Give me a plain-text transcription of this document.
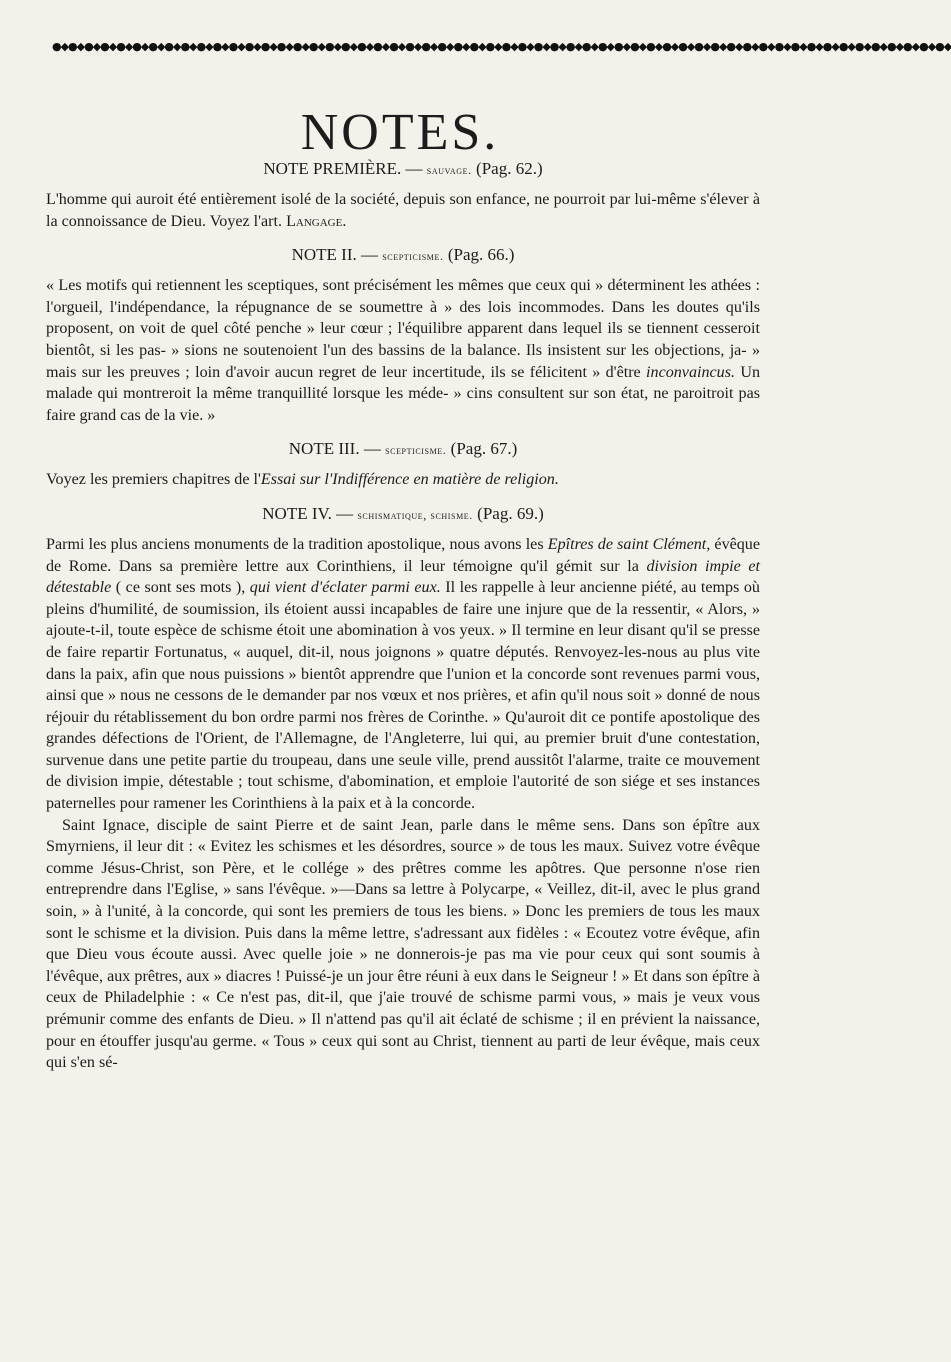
●◆●◆●◆●◆●◆●◆●◆●◆●◆●◆●◆●◆●◆●◆●◆●◆●◆●◆●◆●◆●◆●◆●◆●◆●◆●◆●◆●◆●◆●◆●◆●◆●◆●◆●◆●◆●◆●◆●◆●◆●◆●◆●◆●◆●◆●◆●◆●◆●◆●◆●◆●◆●◆●◆●◆●◆
NOTES.
NOTE PREMIÈRE. — sauvage. (Pag. 62.)

L'homme qui auroit été entièrement isolé de la société, depuis son enfance, ne pourroit par lui-même s'élever à la connoissance de Dieu. Voyez l'art. Langage.

NOTE II. — scepticisme. (Pag. 66.)

« Les motifs qui retiennent les sceptiques, sont précisément les mêmes que ceux qui » déterminent les athées : l'orgueil, l'indépendance, la répugnance de se soumettre à » des lois incommodes. Dans les doutes qu'ils proposent, on voit de quel côté penche » leur cœur ; l'équilibre apparent dans lequel ils se tiennent cesseroit bientôt, si les pas- » sions ne soutenoient l'un des bassins de la balance. Ils insistent sur les objections, ja- » mais sur les preuves ; loin d'avoir aucun regret de leur incertitude, ils se félicitent » d'être inconvaincus. Un malade qui montreroit la même tranquillité lorsque les méde- » cins consultent sur son état, ne paroitroit pas faire grand cas de la vie. »

NOTE III. — scepticisme. (Pag. 67.)

Voyez les premiers chapitres de l'Essai sur l'Indifférence en matière de religion.

NOTE IV. — schismatique, schisme. (Pag. 69.)

Parmi les plus anciens monuments de la tradition apostolique, nous avons les Epîtres de saint Clément, évêque de Rome. Dans sa première lettre aux Corinthiens, il leur témoigne qu'il gémit sur la division impie et détestable ( ce sont ses mots ), qui vient d'éclater parmi eux. Il les rappelle à leur ancienne piété, au temps où pleins d'humilité, de soumission, ils étoient aussi incapables de faire une injure que de la ressentir, « Alors, » ajoute-t-il, toute espèce de schisme étoit une abomination à vos yeux. » Il termine en leur disant qu'il se presse de faire repartir Fortunatus, « auquel, dit-il, nous joignons » quatre députés. Renvoyez-les-nous au plus vite dans la paix, afin que nous puissions » bientôt apprendre que l'union et la concorde sont revenues parmi vous, ainsi que » nous ne cessons de le demander par nos vœux et nos prières, et afin qu'il nous soit » donné de nous réjouir du rétablissement du bon ordre parmi nos frères de Corinthe. » Qu'auroit dit ce pontife apostolique des grandes défections de l'Orient, de l'Allemagne, de l'Angleterre, lui qui, au premier bruit d'une contestation, survenue dans une petite partie du troupeau, dans une seule ville, prend aussitôt l'alarme, traite ce mouvement de division impie, détestable ; tout schisme, d'abomination, et emploie l'autorité de son siége et ses instances paternelles pour ramener les Corinthiens à la paix et à la concorde.

Saint Ignace, disciple de saint Pierre et de saint Jean, parle dans le même sens. Dans son épître aux Smyrniens, il leur dit : « Evitez les schismes et les désordres, source » de tous les maux. Suivez votre évêque comme Jésus-Christ, son Père, et le collége » des prêtres comme les apôtres. Que personne n'ose rien entreprendre dans l'Eglise, » sans l'évêque. »—Dans sa lettre à Polycarpe, « Veillez, dit-il, avec le plus grand soin, » à l'unité, à la concorde, qui sont les premiers de tous les biens. » Donc les premiers de tous les maux sont le schisme et la division. Puis dans la même lettre, s'adressant aux fidèles : « Ecoutez votre évêque, afin que Dieu vous écoute aussi. Avec quelle joie » ne donnerois-je pas ma vie pour ceux qui sont soumis à l'évêque, aux prêtres, aux » diacres ! Puissé-je un jour être réuni à eux dans le Seigneur ! » Et dans son épître à ceux de Philadelphie : « Ce n'est pas, dit-il, que j'aie trouvé de schisme parmi vous, » mais je veux vous prémunir comme des enfants de Dieu. » Il n'attend pas qu'il ait éclaté de schisme ; il en prévient la naissance, pour en étouffer jusqu'au germe. « Tous » ceux qui sont au Christ, tiennent au parti de leur évêque, mais ceux qui s'en sé-
